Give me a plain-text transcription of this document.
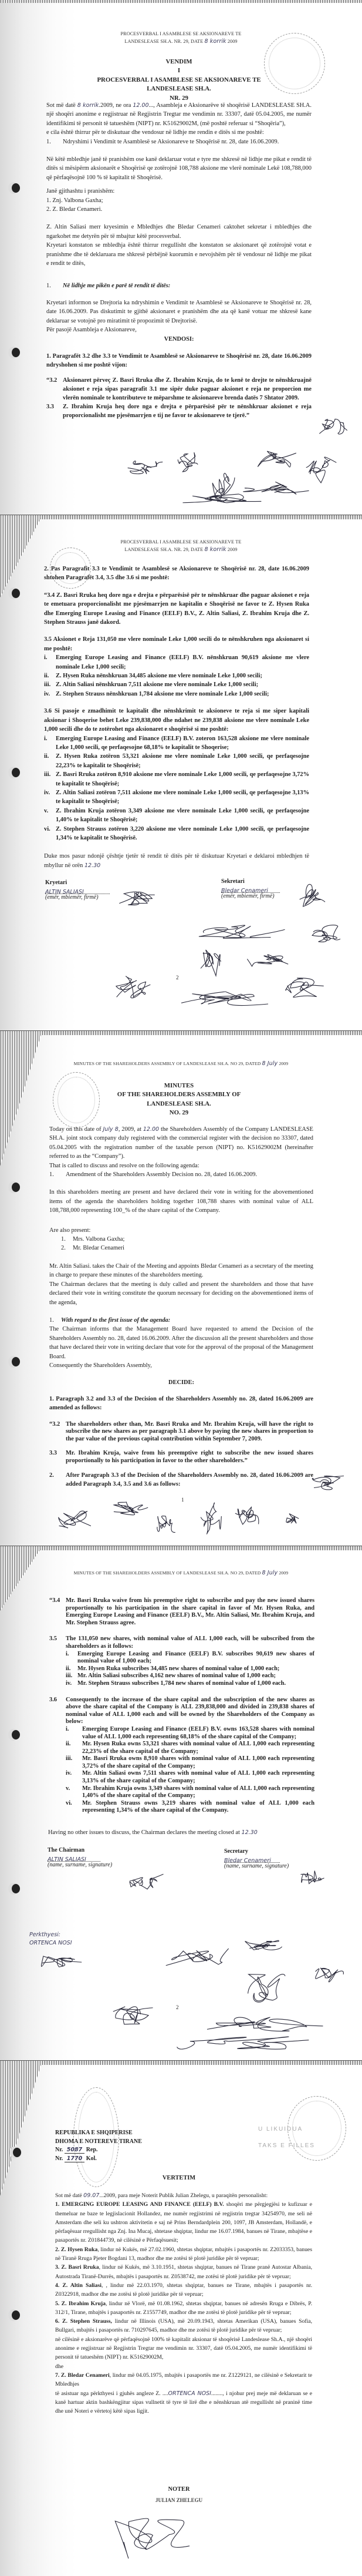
PROCESVERBAL I ASAMBLESE SE AKSIONAREVE TE
LANDESLEASE SH.A. NR. 29, DATE 8 korrik 2009
VENDIM
I
PROCESVERBAL I ASAMBLESE SE AKSIONAREVE TE
LANDESLEASE SH.A.
NR. 29

Sot më datë 8 korrik.2009, ne ora 12.00..., Asambleja e Aksionarëve të shoqërisë LANDESLEASE SH.A. një shoqëri anonime e regjistruar në Regjistrin Tregtar me vendimin nr. 33307, datë 05.04.2005, me numër identifikimi të personit të tatueshëm (NIPT) nr. K51629002M, (më poshtë referuar si “Shoqëria”),

e cila është thirrur për te diskutuar dhe vendosur në lidhje me rendin e ditës si me poshtë:

1.	Ndryshimi i Vendimit te Asamblesë se Aksionareve te Shoqërisë nr. 28, date 16.06.2009.

Në këtë mbledhje janë të pranishëm ose kanë deklaruar votat e tyre me shkresë në lidhje me pikat e rendit të ditës si mësipërm aksionarët e Shoqërisë qe zotërojnë 108,788 aksione me vlerë nominale Lekë 108,788,000 që përfaqësojnë 100 % të kapitalit të Shoqërisë.

Janë gjithashtu i pranishëm:

1. Znj. Valbona Gaxha;

2. Z. Bledar Cenameri.

Z. Altin Saliasi merr kryesimin e Mbledhjes dhe Bledar Cenameri caktohet sekretar i mbledhjes dhe ngarkohet me detyrën për të mbajtur këtë procesverbal.

Kryetari konstaton se mbledhja është thirrur rregullisht dhe konstaton se aksionaret që zotërojnë votat e pranishme dhe të deklaruara me shkresë përbëjnë kuorumin e nevojshëm për të vendosur në lidhje me pikat e rendit te ditës,

1.	Në lidhje me pikën e parë të rendit të ditës:

Kryetari informon se Drejtoria ka ndryshimin e Vendimit te Asamblesë se Aksionareve te Shoqërisë nr. 28, date 16.06.2009. Pas diskutimit te gjithë aksionaret e pranishëm dhe ata që kanë votuar me shkresë kane deklaruar se votojnë pro miratimit të propozimit të Drejtorisë.

Për pasojë Asambleja e Aksionareve,

VENDOSI:

1. Paragrafët 3.2 dhe 3.3 te Vendimit te Asamblesë se Aksionareve te Shoqërisë nr. 28, date 16.06.2009 ndryshohen si me poshtë vijon:

“3.2 Aksionaret përveç Z. Basri Rruka dhe Z. Ibrahim Kruja, do te kenë te drejte te nënshkruajnë aksionet e reja sipas paragrafit 3.1 me sipër duke paguar aksionet e reja ne proporcion me vlerën nominale te kontributeve te mëparshme te aksionareve brenda datës 7 Shtator 2009.
3.3	Z. Ibrahim Kruja heq dore nga e drejta e përparësisë për te nënshkruar aksionet e reja proporcionalisht me pjesëmarrjen e tij ne favor te aksionareve te tjerë.”
PROCESVERBAL I ASAMBLESE SE AKSIONAREVE TE
LANDESLEASE SH.A. NR. 29, DATE 8 korrik 2009

2. Pas Paragrafit 3.3 te Vendimit te Asamblesë se Aksionareve te Shoqërisë nr. 28, date 16.06.2009 shtohen Paragrafët 3.4, 3.5 dhe 3.6 si me poshtë:

“3.4 Z. Basri Rruka heq dore nga e drejta e përparësisë për te nënshkruar dhe paguar aksionet e reja te emetuara proporcionalisht me pjesëmarrjen ne kapitalin e Shoqërisë ne favor te Z. Hysen Ruka dhe Emerging Europe Leasing and Finance (EELF) B.V., Z. Altin Saliasi, Z. Ibrahim Kruja dhe Z. Stephen Strauss janë dakord.

3.5 Aksionet e Reja 131,050 me vlere nominale Leke 1,000 secili do te nënshkruhen nga aksionaret si me poshtë:

i.	Emerging Europe Leasing and Finance (EELF) B.V. nënshkruan 90,619 aksione me vlere nominale Leke 1,000 secili;
ii.	Z. Hysen Ruka nënshkruan 34,485 aksione me vlere nominale Leke 1,000 secili;
iii. Z. Altin Saliasi nënshkruan 7,511 aksione me vlere nominale Leke 1,000 secili;
iv. Z. Stephen Strauss nënshkruan 1,784 aksione me vlere nominale Leke 1,000 secili;

3.6 Si pasoje e zmadhimit te kapitalit dhe nënshkrimit te aksioneve te reja si me siper kapitali aksionar i Shoqerise behet Leke 239,838,000 dhe ndahet ne 239,838 aksione me vlere nominale Leke 1,000 secili dhe do te zotërohet nga aksionaret e shoqërisë si me poshtë:

i.	Emerging Europe Leasing and Finance (EELF) B.V. zoteron 163,528 aksione me vlere nominale Leke 1,000 secili, qe perfaqesojne 68,18% te kapitalit te Shoqerise;
ii.	Z. Hysen Ruka zotëron 53,321 aksione me vlere nominale Leke 1,000 secili, qe perfaqesojne 22,23% te kapitalit te Shoqërisë;
iii. Z. Basri Rruka zotëron 8,910 aksione me vlere nominale Leke 1,000 secili, qe perfaqesojne 3,72% te kapitalit te Shoqërisë;
iv. Z. Altin Saliasi zotëron 7,511 aksione me vlere nominale Leke 1,000 secili, qe perfaqesojne 3,13% te kapitalit te Shoqërisë;
v.	Z. Ibrahim Kruja zotëron 3,349 aksione me vlere nominale Leke 1,000 secili, qe perfaqesojne 1,40% te kapitalit te Shoqërisë;
vi. Z. Stephen Strauss zotëron 3,220 aksione me vlere nominale Leke 1,000 secili, qe perfaqesojne 1,34% te kapitalit te Shoqërisë.

Duke mos pasur ndonjë çështje tjetër të rendit të ditës për të diskutuar Kryetari e deklaroi mbledhjen të mbyllur në orën 12.30

Kryetari
ALTIN SALIASI
(emër, mbiemër, firmë)
Sekretari
Bledar Cenameri
(emër, mbiemër, firmë)
2
MINUTES OF THE SHAREHOLDERS ASSEMBLY OF LANDESLEASE SH.A. NO 29, DATED 8 July 2009
MINUTES
OF THE SHAREHOLDERS ASSEMBLY OF
LANDESLEASE SH.A.
NO. 29

Today on this date of July 8, 2009, at 12.00 the Shareholders Assembly of the Company LANDESLEASE SH.A. joint stock company duly registered with the commercial register with the decision no 33307, dated 05.04.2005 with the registration number of the taxable person (NIPT) no. K51629002M (hereinafter referred to as the “Company”).

That is called to discuss and resolve on the following agenda:

1.	Amendment of the Shareholders Assembly Decision no. 28, dated 16.06.2009.

In this shareholders meeting are present and have declared their vote in writing for the abovementioned items of the agenda the shareholders holding together 108,788 shares with nominal value of ALL 108,788,000 representing 100_% of the share capital of the Company.

Are also present:

1.	Mrs. Valbona Gaxha;
2.	Mr. Bledar Cenameri

Mr. Altin Saliasi. takes the Chair of the Meeting and appoints Bledar Cenameri as a secretary of the meeting in charge to prepare these minutes of the shareholders meeting.

The Chairman declares that the meeting is duly called and present the shareholders and those that have declared their vote in writing constitute the quorum necessary for deciding on the abovementioned items of the agenda,

1.	With regard to the first issue of the agenda:

The Chairman informs that the Management Board have requested to amend the Decision of the Shareholders Assembly no. 28, dated 16.06.2009. After the discussion all the present shareholders and those that have declared their vote in writing declare that vote for the approval of the proposal of the Management Board.

Consequently the Shareholders Assembly,

DECIDE:

1. Paragraph 3.2 and 3.3 of the Decision of the Shareholders Assembly no. 28, dated 16.06.2009 are amended as follows:

“3.2 The shareholders other than, Mr. Basri Rruka and Mr. Ibrahim Kruja, will have the right to subscribe the new shares as per paragraph 3.1 above by paying the new shares in proportion to the par value of the previous capital contribution within September 7, 2009.
3.3	Mr. Ibrahim Kruja, waive from his preemptive right to subscribe the new issued shares proportionally to his participation in favor to the other shareholders.”
2.	After Paragraph 3.3 of the Decision of the Shareholders Assembly no. 28, dated 16.06.2009 are added Paragraph 3.4, 3.5 and 3.6 as follows:
1
MINUTES OF THE SHAREHOLDERS ASSEMBLY OF LANDESLEASE SH.A. NO 29, DATED 8 July 2009
“3.4 Mr. Basri Rruka waive from his preemptive right to subscribe and pay the new issued shares proportionally to his participation in the share capital in favor of Mr. Hysen Ruka, and Emerging Europe Leasing and Finance (EELF) B.V., Mr. Altin Saliasi, Mr. Ibrahim Kruja, and Mr. Stephen Strauss agree.
3.5	The 131,050 new shares, with nominal value of ALL 1,000 each, will be subscribed from the shareholders as it follows:
i.	Emerging Europe Leasing and Finance (EELF) B.V. subscribes 90,619 new shares of nominal value of 1,000 each;
ii.	Mr. Hysen Ruka subscribes 34,485 new shares of nominal value of 1,000 each;
iii. Mr. Altin Saliasi subscribes 4,162 new shares of nominal value of 1,000 each;
iv. Mr. Stephen Strauss subscribes 1,784 new shares of nominal value of 1,000 each.
3.6	Consequently to the increase of the share capital and the subscription of the new shares as above the share capital of the Company is ALL 239,838,000 and divided in 239,838 shares of nominal value of ALL 1,000 each and will be owned by the Shareholders of the Company as below:
i.	Emerging Europe Leasing and Finance (EELF) B.V. owns 163,528 shares with nominal value of ALL 1,000 each representing 68,18% of the share capital of the Company;
ii.	Mr. Hysen Ruka owns 53,321 shares with nominal value of ALL 1,000 each representing 22,23% of the share capital of the Company;
iii.	Mr. Basri Rruka owns 8,910 shares with nominal value of ALL 1,000 each representing 3,72% of the share capital of the Company;
iv.	Mr. Altin Saliasi owns 7,511 shares with nominal value of ALL 1,000 each representing 3,13% of the share capital of the Company;
v.	Mr. Ibrahim Kruja owns 3,349 shares with nominal value of ALL 1,000 each representing 1,40% of the share capital of the Company;
vi.	Mr. Stephen Strauss owns 3,219 shares with nominal value of ALL 1,000 each representing 1,34% of the share capital of the Company.

Having no other issues to discuss, the Chairman declares the meeting closed at 12.30

The Chairman
ALTIN SALIASI
(name, surname, signature)
Secretary
Bledar Cenameri
(name, surname, signature)
Perkthyesi:
ORTENCA NOSI
2
U LIKUIDUA
TAKS E FILLES
REPUBLIKA E SHQIPERISE
DHOMA E NOTEREVE TIRANE
Nr. 5087 Rep.
Nr. 1770 Kol.
VERTETIM

Sot më datë 09.07...2009, para meje Noterit Publik Julian Zhelegu, u paraqitën personalisht:

1. EMERGING EUROPE LEASING AND FINANCE (EELF) B.V. shoqëri me përgjegjësi te kufizuar e themeluar ne baze te legjislacionit Hollandez, me numër regjistrimi në regjistrin tregtar 34254970, me seli në Amsterdam dhe seli ku ushtron aktivitetin e saj në Prins Berndardplein 200, 1097, JB Amsterdam, Hollandë, e përfaqësuar rregullisht nga Znj. Ina Mucaj, shtetase shqiptar, lindur me 16.07.1984, banues në Tirane, mbajtëse e pasaportës nr. Z01844739, në cilësinë e Përfaqësuesit;

2. Z. Hysen Ruka, lindur në Kukës, më 27.02.1960, shtetas shqiptar, mbajtës i pasaportës nr. Z2033353, banues në Tiranë Rruga Pjeter Bogdani 13, madhor dhe me zotësi të plotë juridike për të vepruar;

3. Z. Basri Rruka, lindur në Kukës, më 3.10.1951, shtetas shqiptar, banues në Tirane pranë Autostar Albania, Autostrada Tiranë-Durrës, mbajtës i pasaportës nr. Z0538742, me zotësi të plotë juridike për të vepruar;

4. Z. Altin Saliasi, , lindur më 22.03.1970, shtetas shqiptar, banues ne Tirane, mbajtës i pasaportës nr. Z0322918, madhor dhe me zotësi të plotë juridike për të vepruar;

5. Z. Ibrahim Kruja, lindur në Vlorë, më 01.08.1962, shtetas shqiptar, banues në adresën Rruga e Dibrës, P. 312/1, Tirane, mbajtës i pasaportës nr. Z1557749, madhor dhe me zotësi të plotë juridike për të vepruar;

6. Z. Stephen Strauss, lindur në Illinois (USA), më 20.09.1943, shtetas Amerikan (USA), banues Sofia, Bullgari, mbajtës i pasaportës nr. 710297645, madhor dhe me zotësi të plotë juridike për të vepruar;

në cilësinë e aksionarëve që përfaqësojnë 100% të kapitalit aksionar të shoqërisë Landeslease Sh.A., një shoqëri anonime e regjistruar në Regjistrin Tregtar me vendimin nr. 33307, datë 05.04.2005, me numër identifikimi të personit të tatueshëm (NIPT) nr. K51629002M,

dhe

7. Z. Bledar Cenameri, lindur më 04.05.1975, mbajtës i pasaportës me nr. Z1229121, ne cilësinë e Sekretarit te Mbledhjes

të asistuar nga përkthyesi i gjuhës angleze Z. ....ORTENCA NOSI........, i njohur prej meje më deklaruan se e kanë hartuar aktin bashkëngjitur sipas vullnetit të tyre të lirë dhe e nënshkruan atë rregullisht në praninë time dhe unë Noteri e vërtetoj këtë sipas ligjit.

NOTER
JULIAN ZHELEGU
